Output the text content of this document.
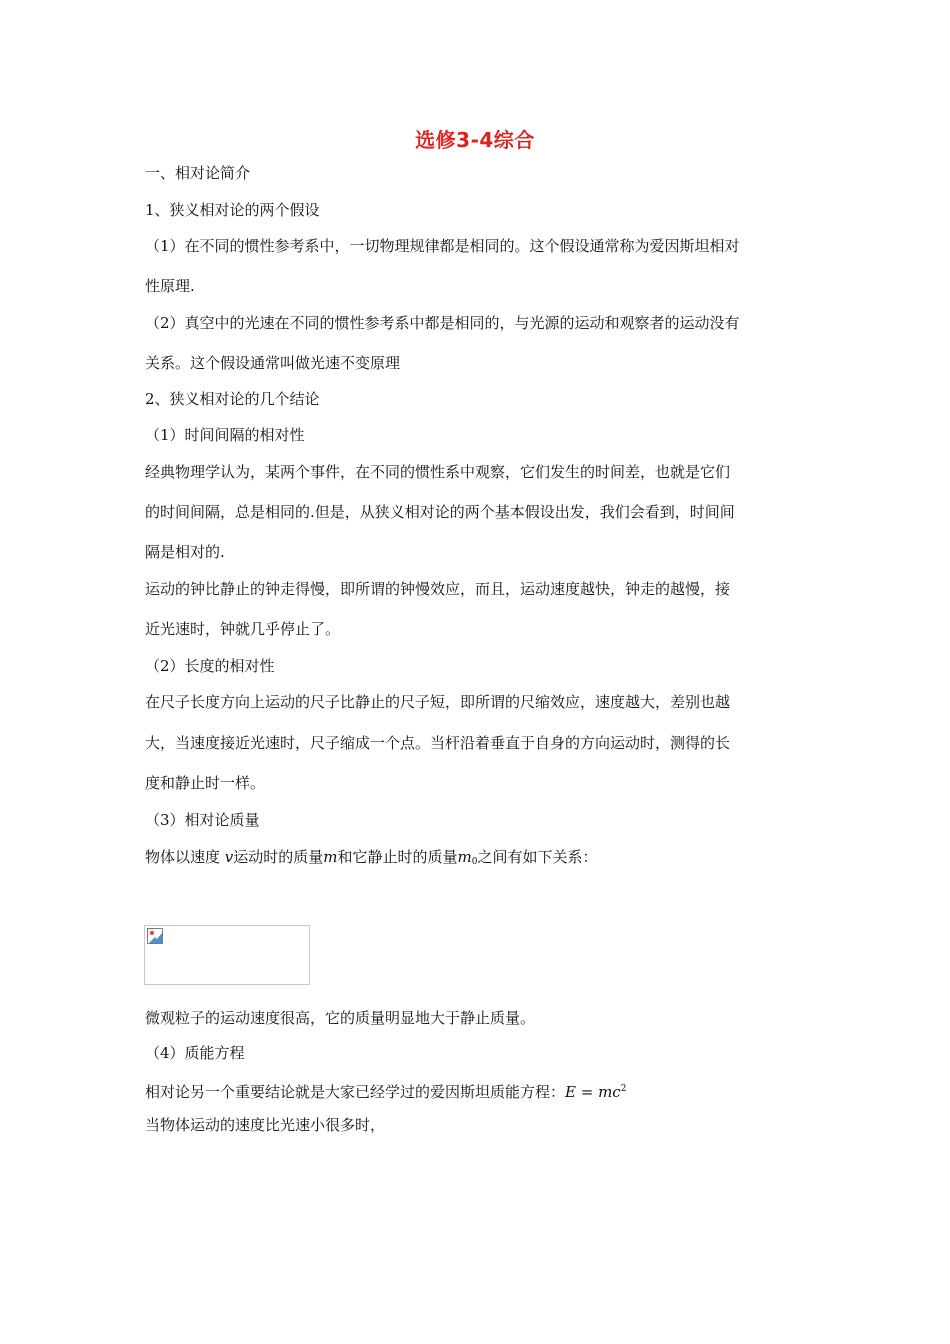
选修3-4综合
一、相对论简介
1、狭义相对论的两个假设
（1）在不同的惯性参考系中，一切物理规律都是相同的。这个假设通常称为爱因斯坦相对
性原理.
（2）真空中的光速在不同的惯性参考系中都是相同的，与光源的运动和观察者的运动没有
关系。这个假设通常叫做光速不变原理
2、狭义相对论的几个结论
（1）时间间隔的相对性
经典物理学认为，某两个事件，在不同的惯性系中观察，它们发生的时间差，也就是它们
的时间间隔，总是相同的.但是，从狭义相对论的两个基本假设出发，我们会看到，时间间
隔是相对的.
运动的钟比静止的钟走得慢，即所谓的钟慢效应，而且，运动速度越快，钟走的越慢，接
近光速时，钟就几乎停止了。
（2）长度的相对性
在尺子长度方向上运动的尺子比静止的尺子短，即所谓的尺缩效应，速度越大，差别也越
大，当速度接近光速时，尺子缩成一个点。当杆沿着垂直于自身的方向运动时，测得的长
度和静止时一样。
（3）相对论质量
物体以速度 v运动时的质量m和它静止时的质量$m_0$之间有如下关系：
微观粒子的运动速度很高，它的质量明显地大于静止质量。
（4）质能方程
相对论另一个重要结论就是大家已经学过的爱因斯坦质能方程：$E = mc^2$
当物体运动的速度比光速小很多时，
